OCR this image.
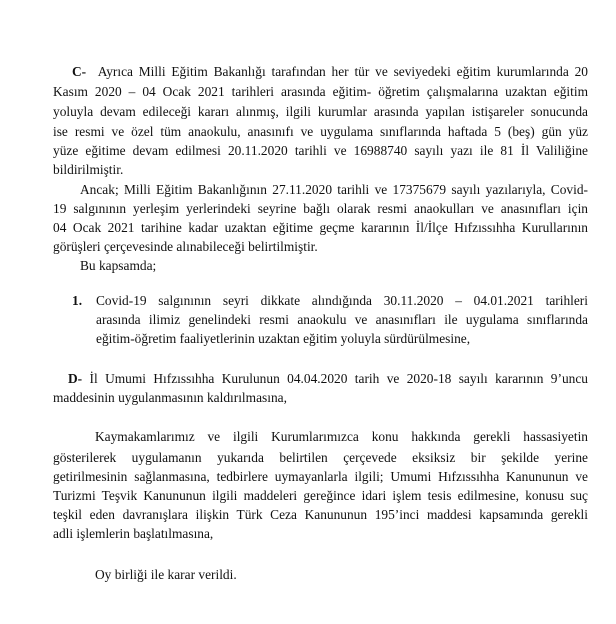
C- Ayrıca Milli Eğitim Bakanlığı tarafından her tür ve seviyedeki eğitim kurumlarında 20
Kasım 2020 – 04 Ocak 2021 tarihleri arasında eğitim- öğretim çalışmalarına uzaktan eğitim
yoluyla devam edileceği kararı alınmış, ilgili kurumlar arasında yapılan istişareler sonucunda
ise resmi ve özel tüm anaokulu, anasınıfı ve uygulama sınıflarında haftada 5 (beş) gün yüz
yüze eğitime devam edilmesi 20.11.2020 tarihli ve 16988740 sayılı yazı ile 81 İl Valiliğine
bildirilmiştir.
Ancak; Milli Eğitim Bakanlığının 27.11.2020 tarihli ve 17375679 sayılı yazılarıyla, Covid-
19 salgınının yerleşim yerlerindeki seyrine bağlı olarak resmi anaokulları ve anasınıfları için
04 Ocak 2021 tarihine kadar uzaktan eğitime geçme kararının İl/İlçe Hıfzıssıhha Kurullarının
görüşleri çerçevesinde alınabileceği belirtilmiştir.
Bu kapsamda;
1.	Covid-19 salgınının seyri dikkate alındığında 30.11.2020 – 04.01.2021 tarihleri
arasında ilimiz genelindeki resmi anaokulu ve anasınıfları ile uygulama sınıflarında
eğitim-öğretim faaliyetlerinin uzaktan eğitim yoluyla sürdürülmesine,
D- İl Umumi Hıfzıssıhha Kurulunun 04.04.2020 tarih ve 2020-18 sayılı kararının 9’uncu
maddesinin uygulanmasının kaldırılmasına,
Kaymakamlarımız ve ilgili Kurumlarımızca konu hakkında gerekli hassasiyetin
gösterilerek uygulamanın yukarıda belirtilen çerçevede eksiksiz bir şekilde yerine
getirilmesinin sağlanmasına, tedbirlere uymayanlarla ilgili; Umumi Hıfzıssıhha Kanununun ve
Turizmi Teşvik Kanununun ilgili maddeleri gereğince idari işlem tesis edilmesine, konusu suç
teşkil eden davranışlara ilişkin Türk Ceza Kanununun 195’inci maddesi kapsamında gerekli
adli işlemlerin başlatılmasına,
Oy birliği ile karar verildi.
